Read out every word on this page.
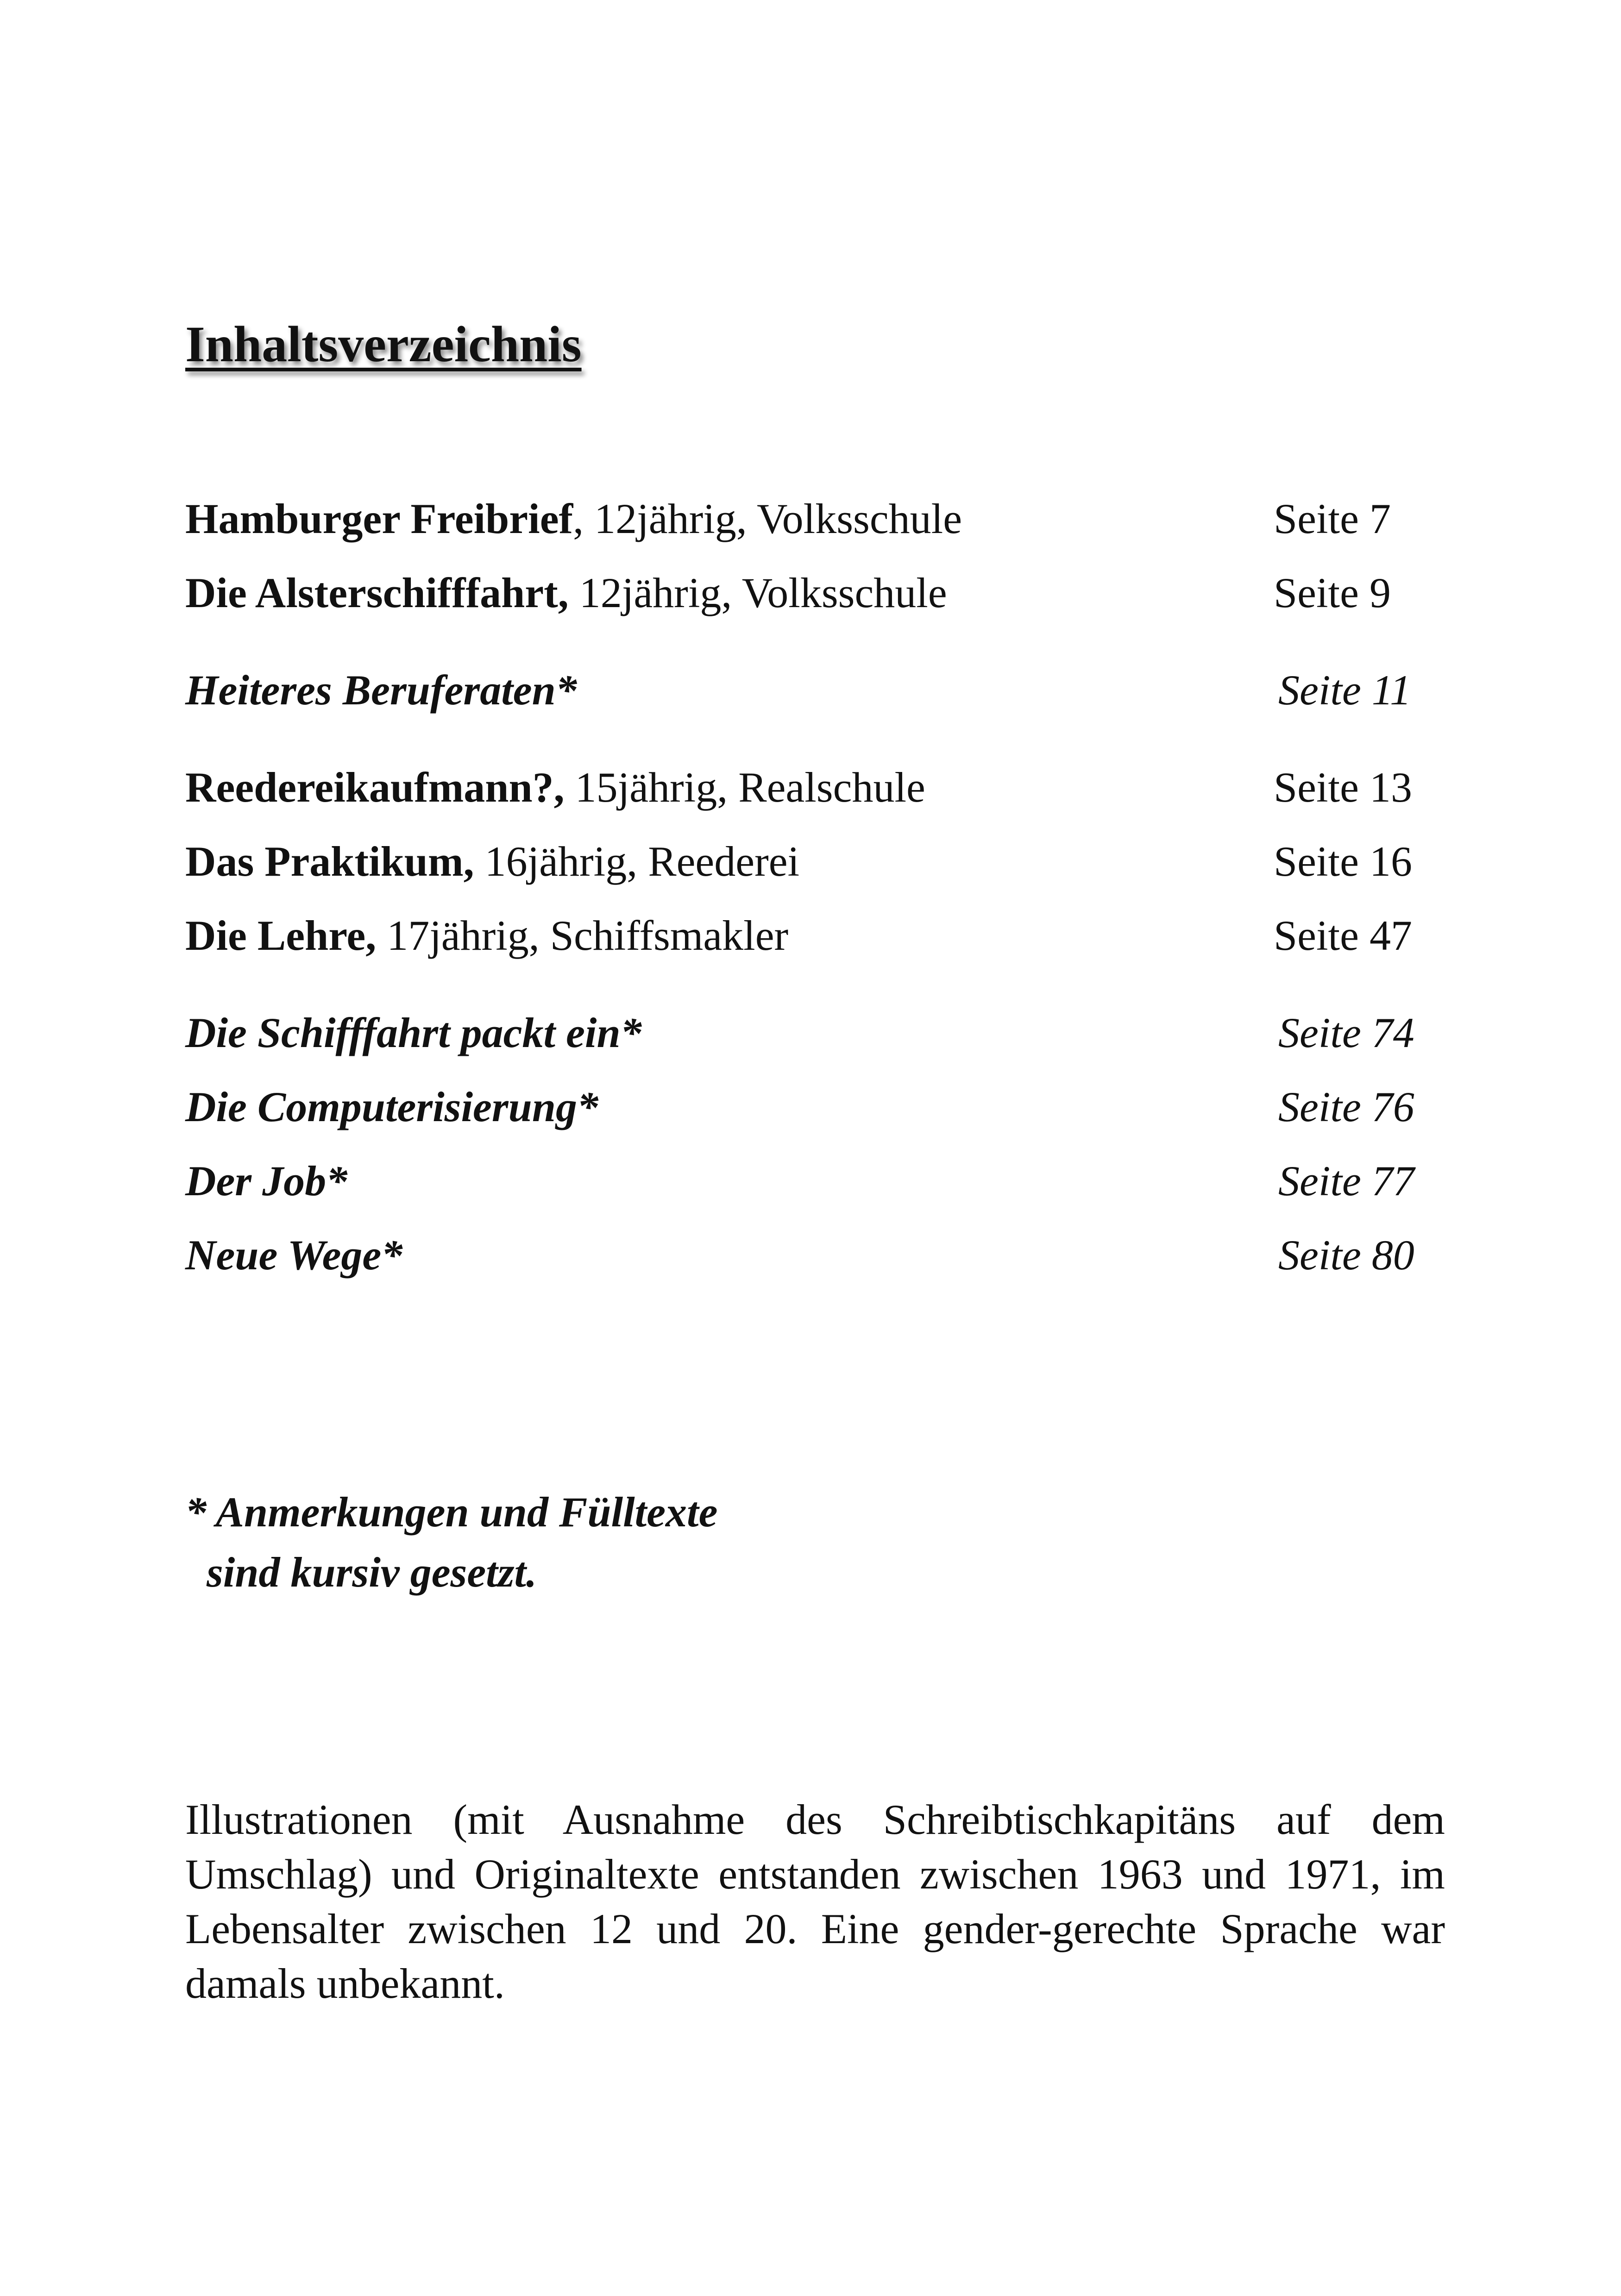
Inhaltsverzeichnis
Hamburger Freibrief, 12jährig, Volksschule	Seite 7
Die Alsterschifffahrt, 12jährig, Volksschule	Seite 9
Heiteres Beruferaten*	Seite 11
Reedereikaufmann?, 15jährig, Realschule	Seite 13
Das Praktikum, 16jährig, Reederei	Seite 16
Die Lehre, 17jährig, Schiffsmakler	Seite 47
Die Schifffahrt packt ein*	Seite 74
Die Computerisierung*	Seite 76
Der Job*	Seite 77
Neue Wege*	Seite 80
* Anmerkungen und Fülltexte
sind kursiv gesetzt.

Illustrationen (mit Ausnahme des Schreibtischkapitäns auf dem Umschlag) und Originaltexte entstanden zwischen 1963 und 1971, im Lebensalter zwischen 12 und 20. Eine gender-gerechte Sprache war damals unbekannt.
